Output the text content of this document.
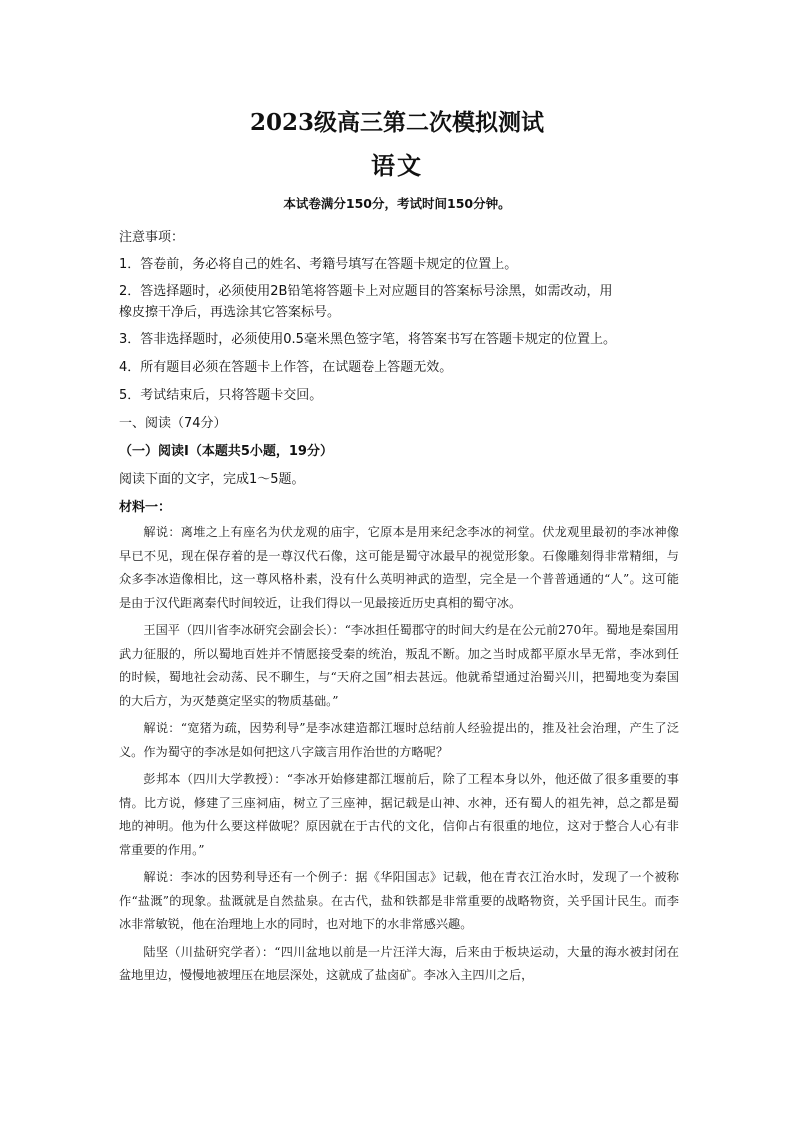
2023级高三第二次模拟测试
语文
本试卷满分150分，考试时间150分钟。
注意事项：
1．答卷前，务必将自己的姓名、考籍号填写在答题卡规定的位置上。
2．答选择题时，必须使用2B铅笔将答题卡上对应题目的答案标号涂黑，如需改动，用
橡皮擦干净后，再选涂其它答案标号。
3．答非选择题时，必须使用0.5毫米黑色签字笔，将答案书写在答题卡规定的位置上。
4．所有题目必须在答题卡上作答，在试题卷上答题无效。
5．考试结束后，只将答题卡交回。
一、阅读（74分）
（一）阅读Ⅰ（本题共5小题，19分）
阅读下面的文字，完成1～5题。
材料一：

解说：离堆之上有座名为伏龙观的庙宇，它原本是用来纪念李冰的祠堂。伏龙观里最初的李冰神像早已不见，现在保存着的是一尊汉代石像，这可能是蜀守冰最早的视觉形象。石像雕刻得非常精细，与众多李冰造像相比，这一尊风格朴素，没有什么英明神武的造型，完全是一个普普通通的“人”。这可能是由于汉代距离秦代时间较近，让我们得以一见最接近历史真相的蜀守冰。

王国平（四川省李冰研究会副会长）：“李冰担任蜀郡守的时间大约是在公元前270年。蜀地是秦国用武力征服的，所以蜀地百姓并不情愿接受秦的统治，叛乱不断。加之当时成都平原水旱无常，李冰到任的时候，蜀地社会动荡、民不聊生，与“天府之国”相去甚远。他就希望通过治蜀兴川，把蜀地变为秦国的大后方，为灭楚奠定坚实的物质基础。”

解说：“宽猪为疏，因势利导”是李冰建造都江堰时总结前人经验提出的，推及社会治理，产生了泛义。作为蜀守的李冰是如何把这八字箴言用作治世的方略呢？

彭邦本（四川大学教授）：“李冰开始修建都江堰前后，除了工程本身以外，他还做了很多重要的事情。比方说，修建了三座祠庙，树立了三座神，据记载是山神、水神，还有蜀人的祖先神，总之都是蜀地的神明。他为什么要这样做呢？原因就在于古代的文化，信仰占有很重的地位，这对于整合人心有非常重要的作用。”

解说：李冰的因势利导还有一个例子：据《华阳国志》记载，他在青衣江治水时，发现了一个被称作“盐溉”的现象。盐溉就是自然盐泉。在古代，盐和铁都是非常重要的战略物资，关乎国计民生。而李冰非常敏锐，他在治理地上水的同时，也对地下的水非常感兴趣。

陆坚（川盐研究学者）：“四川盆地以前是一片汪洋大海，后来由于板块运动，大量的海水被封闭在盆地里边，慢慢地被埋压在地层深处，这就成了盐卤矿。李冰入主四川之后，
